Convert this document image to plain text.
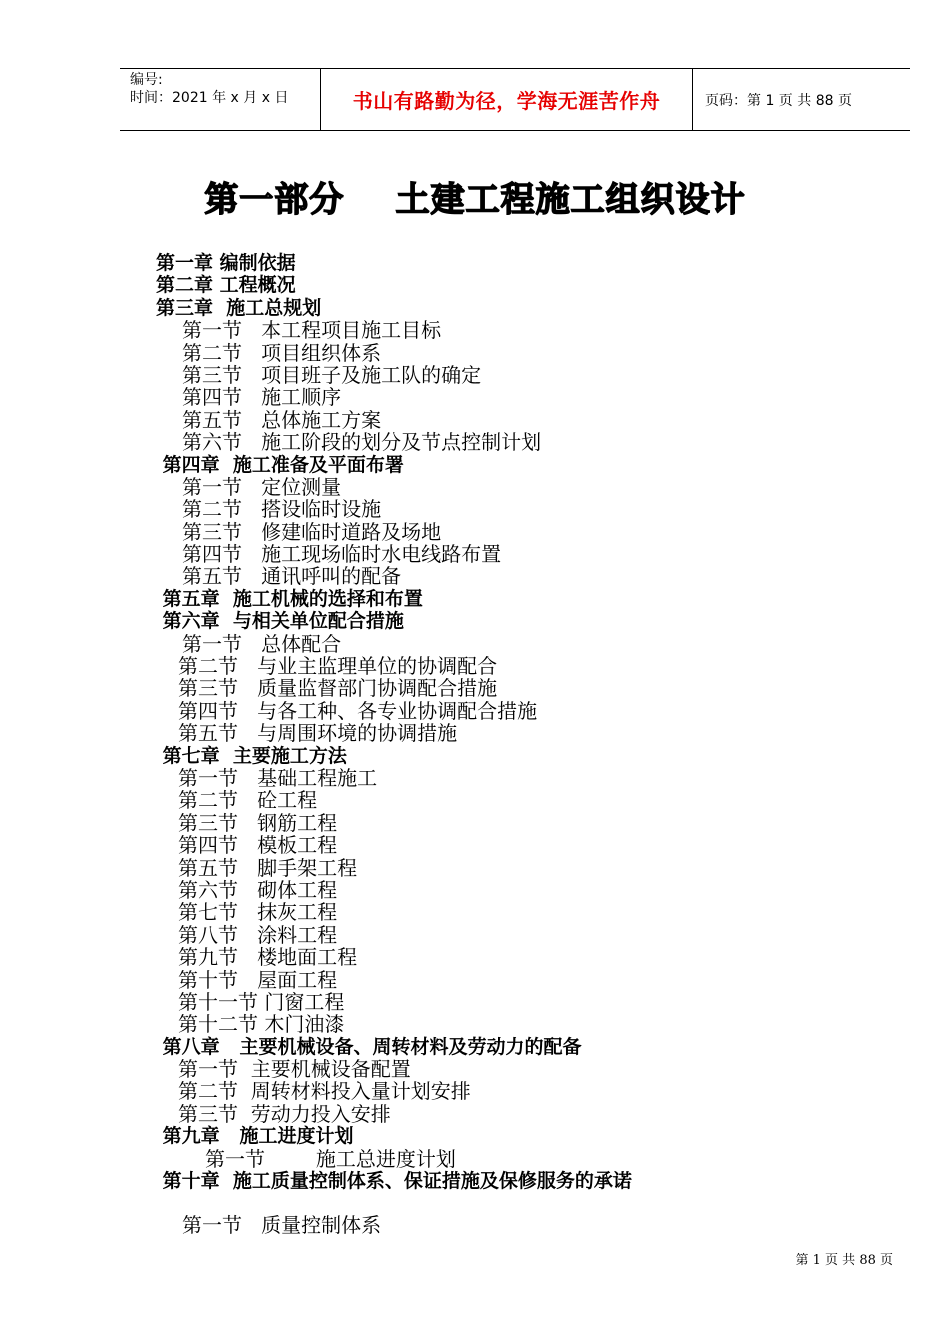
编号:
时间：2021 年 x 月 x 日	书山有路勤为径，学海无涯苦作舟	页码：第 1 页 共 88 页
第一部分    土建工程施工组织设计
第一章 编制依据
第二章 工程概况
第三章  施工总规划
第一节   本工程项目施工目标
第二节   项目组织体系
第三节   项目班子及施工队的确定
第四节   施工顺序
第五节   总体施工方案
第六节   施工阶段的划分及节点控制计划
第四章  施工准备及平面布署
第一节   定位测量
第二节   搭设临时设施
第三节   修建临时道路及场地
第四节   施工现场临时水电线路布置
第五节   通讯呼叫的配备
第五章  施工机械的选择和布置
第六章  与相关单位配合措施
第一节   总体配合
第二节   与业主监理单位的协调配合
第三节   质量监督部门协调配合措施
第四节   与各工种、各专业协调配合措施
第五节   与周围环境的协调措施
第七章  主要施工方法
第一节   基础工程施工
第二节   砼工程
第三节   钢筋工程
第四节   模板工程
第五节   脚手架工程
第六节   砌体工程
第七节   抹灰工程
第八节   涂料工程
第九节   楼地面工程
第十节   屋面工程
第十一节 门窗工程
第十二节 木门油漆
第八章   主要机械设备、周转材料及劳动力的配备
第一节  主要机械设备配置
第二节  周转材料投入量计划安排
第三节  劳动力投入安排
第九章   施工进度计划
第一节        施工总进度计划
第十章  施工质量控制体系、保证措施及保修服务的承诺
第一节   质量控制体系
第 1 页 共 88 页
